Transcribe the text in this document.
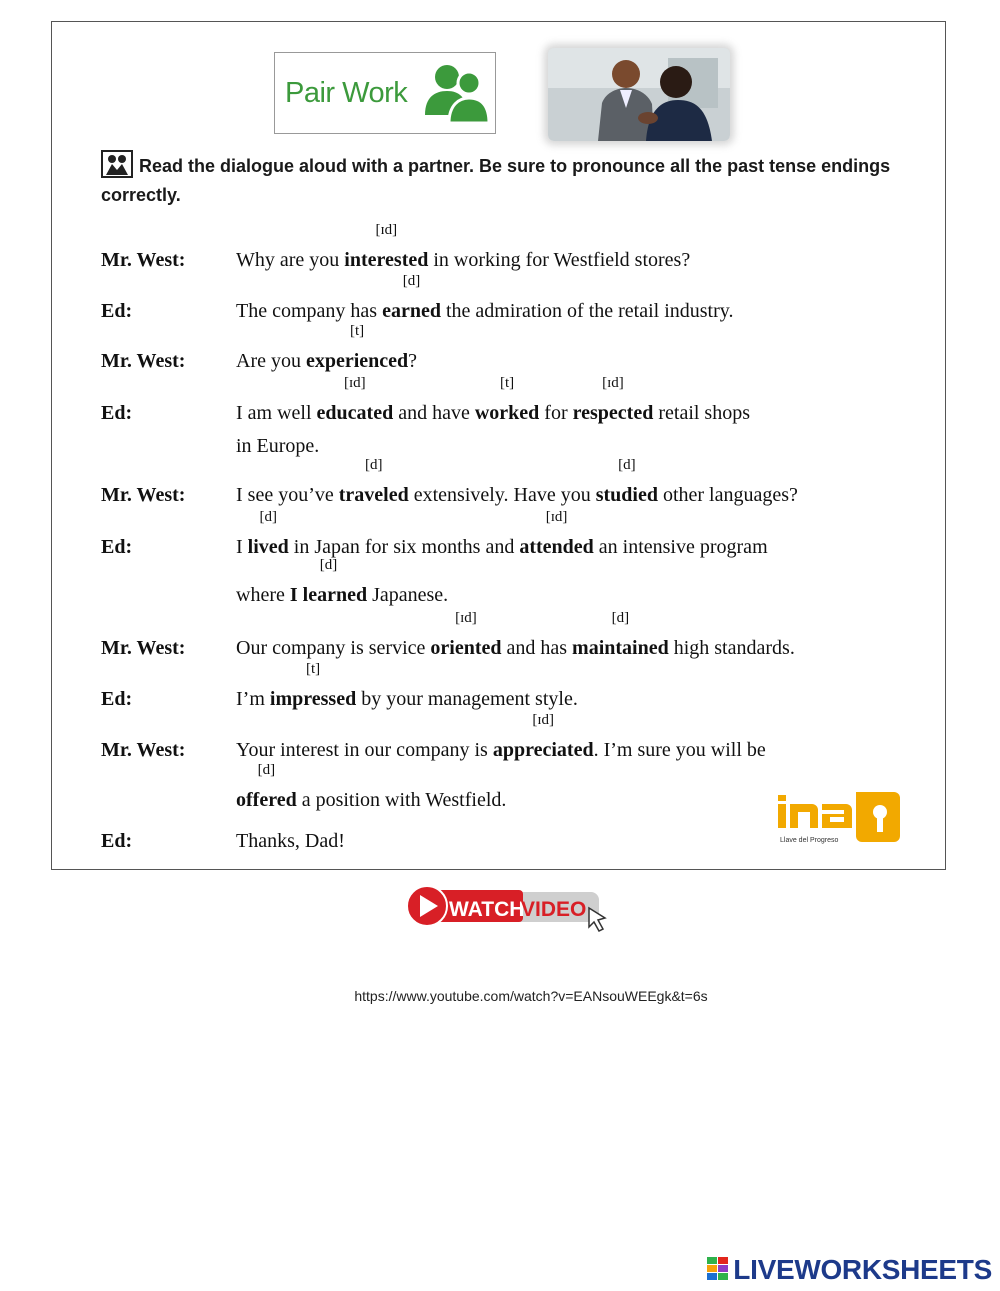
Pair Work
Read the dialogue aloud with a partner. Be sure to pronounce all the past tense endings correctly.
Mr. West:	Why are you interested
[ɪd]
in working for Westfield stores?
Ed:	The company has earned
[d]
the admiration of the retail industry.
Mr. West:	Are you experienced
[t]
?
Ed:	I am well educated
[ɪd]
and have worked
[t]
for respected
[ɪd]
retail shops
in Europe.
Mr. West:	I see you’ve traveled
[d]
extensively. Have you studied
[d]
other languages?
Ed:	I lived
[d]
in Japan for six months and attended
[ɪd]
an intensive program
where I learned
[d]
Japanese.
Mr. West:	Our company is service oriented
[ɪd]
and has maintained
[d]
high standards.
Ed:	I’m impressed
[t]
by your management style.
Mr. West:	Your interest in our company is appreciated
[ɪd]
. I’m sure you will be
offered
[d]
a position with Westfield.
Ed:	Thanks, Dad!	Llave del Progreso
WATCH
VIDEO
https://www.youtube.com/watch?v=EANsouWEEgk&t=6s
LIVEWORKSHEETS
